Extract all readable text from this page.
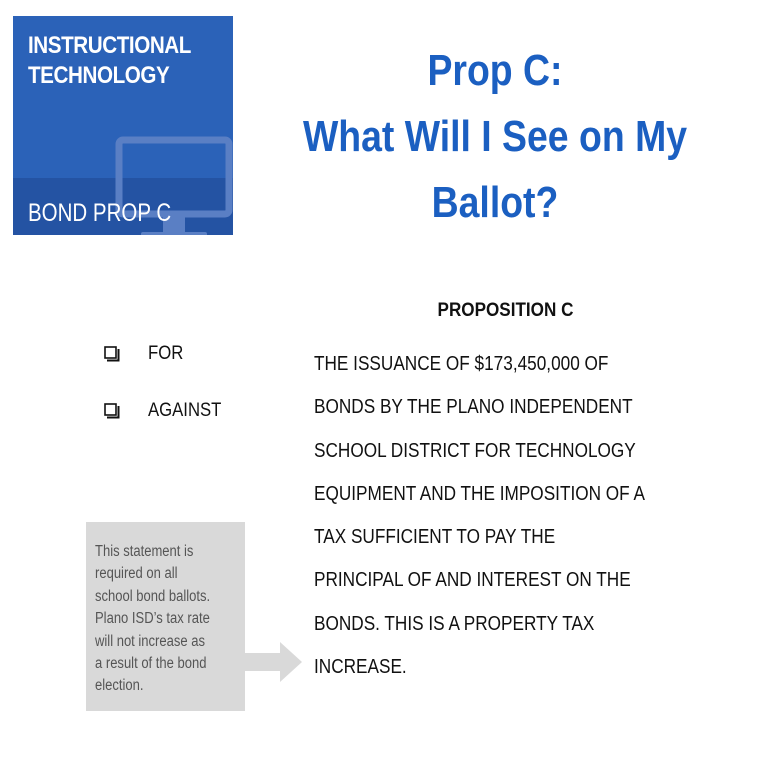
INSTRUCTIONAL
TECHNOLOGY
BOND PROP C
Prop C:
What Will I See on My
Ballot?
FOR
AGAINST
PROPOSITION C
THE ISSUANCE OF $173,450,000 OF
BONDS BY THE PLANO INDEPENDENT
SCHOOL DISTRICT FOR TECHNOLOGY
EQUIPMENT AND THE IMPOSITION OF A
TAX SUFFICIENT TO PAY THE
PRINCIPAL OF AND INTEREST ON THE
BONDS. THIS IS A PROPERTY TAX
INCREASE.
This statement is
required on all
school bond ballots.
Plano ISD’s tax rate
will not increase as
a result of the bond
election.
